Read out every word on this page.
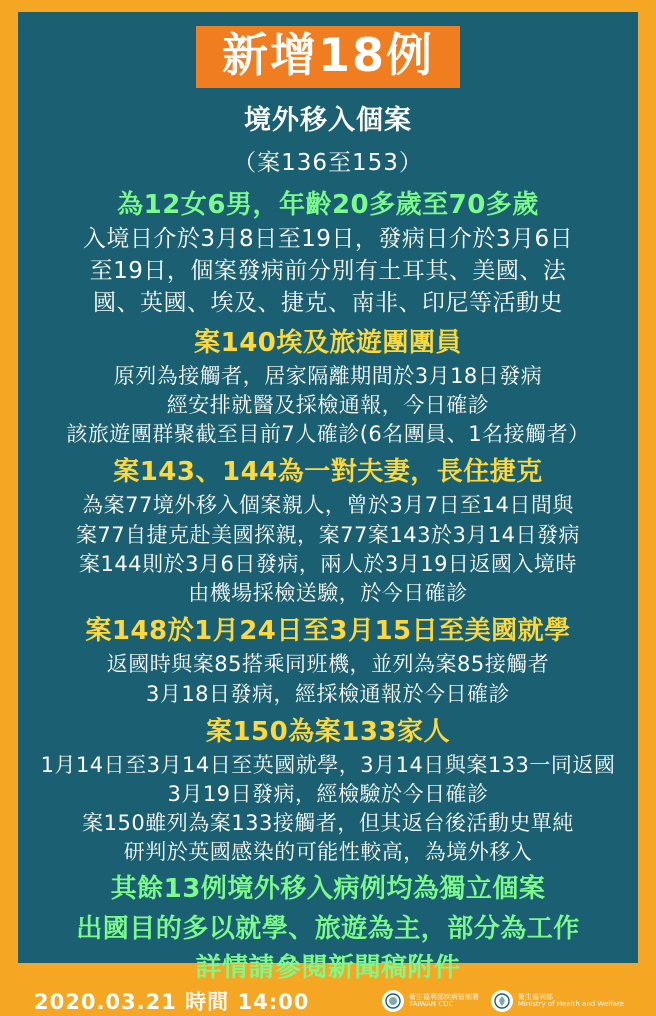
新增18例
境外移入個案
（案136至153）
為12女6男，年齡20多歲至70多歲
入境日介於3月8日至19日，發病日介於3月6日
至19日，個案發病前分別有土耳其、美國、法
國、英國、埃及、捷克、南非、印尼等活動史
案140埃及旅遊團團員
原列為接觸者，居家隔離期間於3月18日發病
經安排就醫及採檢通報，今日確診
該旅遊團群聚截至目前7人確診(6名團員、1名接觸者）
案143、144為一對夫妻，長住捷克
為案77境外移入個案親人，曾於3月7日至14日間與
案77自捷克赴美國探親，案77案143於3月14日發病
案144則於3月6日發病，兩人於3月19日返國入境時
由機場採檢送驗，於今日確診
案148於1月24日至3月15日至美國就學
返國時與案85搭乘同班機，並列為案85接觸者
3月18日發病，經採檢通報於今日確診
案150為案133家人
1月14日至3月14日至英國就學，3月14日與案133一同返國
3月19日發病，經檢驗於今日確診
案150雖列為案133接觸者，但其返台後活動史單純
研判於英國感染的可能性較高，為境外移入
其餘13例境外移入病例均為獨立個案
出國目的多以就學、旅遊為主，部分為工作
詳情請參閱新聞稿附件
2020.03.21 時間 14:00	衛生福利部疾病管制署
TAIWAN CDC
衛生福利部
Ministry of Health and Welfare
